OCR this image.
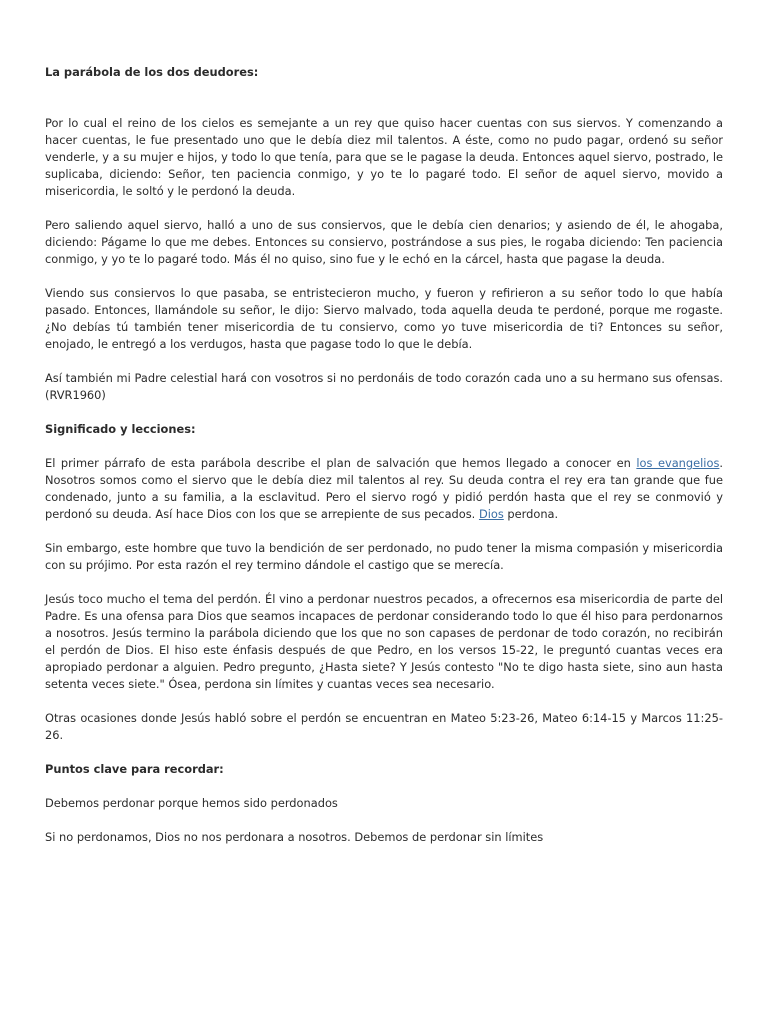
La parábola de los dos deudores:

Por lo cual el reino de los cielos es semejante a un rey que quiso hacer cuentas con sus siervos. Y comenzando a hacer cuentas, le fue presentado uno que le debía diez mil talentos. A éste, como no pudo pagar, ordenó su señor venderle, y a su mujer e hijos, y todo lo que tenía, para que se le pagase la deuda. Entonces aquel siervo, postrado, le suplicaba, diciendo: Señor, ten paciencia conmigo, y yo te lo pagaré todo. El señor de aquel siervo, movido a misericordia, le soltó y le perdonó la deuda.

Pero saliendo aquel siervo, halló a uno de sus consiervos, que le debía cien denarios; y asiendo de él, le ahogaba, diciendo: Págame lo que me debes. Entonces su consiervo, postrándose a sus pies, le rogaba diciendo: Ten paciencia conmigo, y yo te lo pagaré todo. Más él no quiso, sino fue y le echó en la cárcel, hasta que pagase la deuda.

Viendo sus consiervos lo que pasaba, se entristecieron mucho, y fueron y refirieron a su señor todo lo que había pasado. Entonces, llamándole su señor, le dijo: Siervo malvado, toda aquella deuda te perdoné, porque me rogaste. ¿No debías tú también tener misericordia de tu consiervo, como yo tuve misericordia de ti? Entonces su señor, enojado, le entregó a los verdugos, hasta que pagase todo lo que le debía.

Así también mi Padre celestial hará con vosotros si no perdonáis de todo corazón cada uno a su hermano sus ofensas. (RVR1960)

Significado y lecciones:

El primer párrafo de esta parábola describe el plan de salvación que hemos llegado a conocer en los evangelios. Nosotros somos como el siervo que le debía diez mil talentos al rey. Su deuda contra el rey era tan grande que fue condenado, junto a su familia, a la esclavitud. Pero el siervo rogó y pidió perdón hasta que el rey se conmovió y perdonó su deuda. Así hace Dios con los que se arrepiente de sus pecados. Dios perdona.

Sin embargo, este hombre que tuvo la bendición de ser perdonado, no pudo tener la misma compasión y misericordia con su prójimo. Por esta razón el rey termino dándole el castigo que se merecía.

Jesús toco mucho el tema del perdón. Él vino a perdonar nuestros pecados, a ofrecernos esa misericordia de parte del Padre. Es una ofensa para Dios que seamos incapaces de perdonar considerando todo lo que él hiso para perdonarnos a nosotros. Jesús termino la parábola diciendo que los que no son capases de perdonar de todo corazón, no recibirán el perdón de Dios. El hiso este énfasis después de que Pedro, en los versos 15-22, le preguntó cuantas veces era apropiado perdonar a alguien. Pedro pregunto, ¿Hasta siete? Y Jesús contesto "No te digo hasta siete, sino aun hasta setenta veces siete." Ósea, perdona sin límites y cuantas veces sea necesario.

Otras ocasiones donde Jesús habló sobre el perdón se encuentran en Mateo 5:23-26, Mateo 6:14-15 y Marcos 11:25-26.

Puntos clave para recordar:

Debemos perdonar porque hemos sido perdonados

Si no perdonamos, Dios no nos perdonara a nosotros. Debemos de perdonar sin límites
